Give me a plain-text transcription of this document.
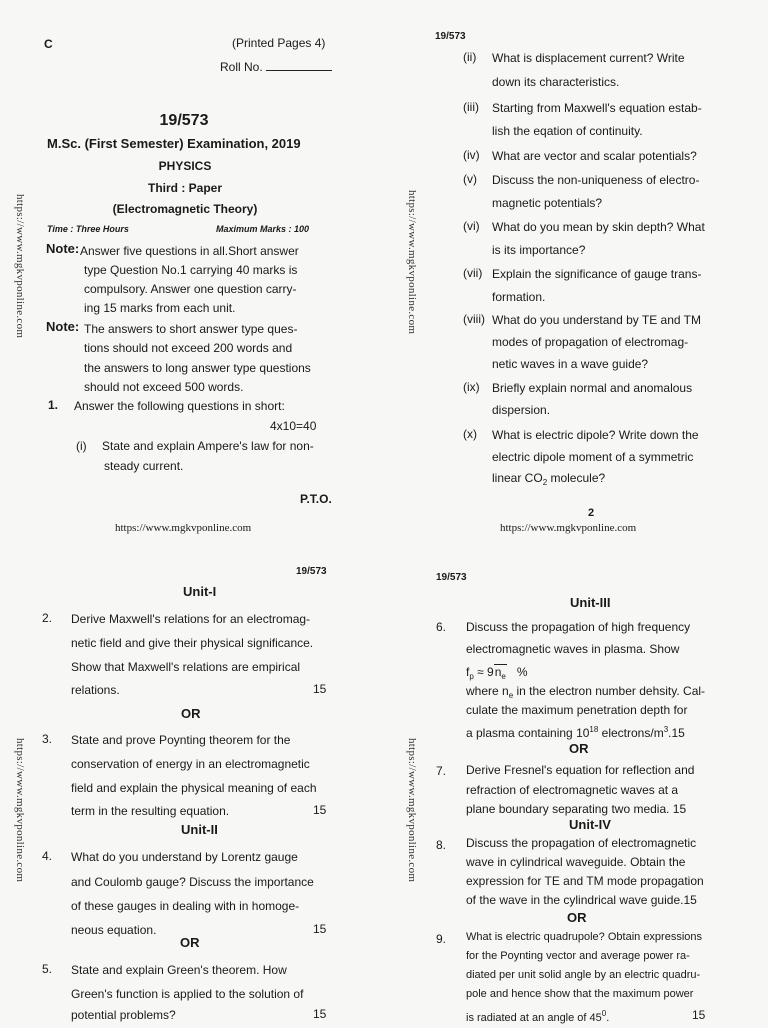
C	(Printed Pages 4)
Roll No.
19/573
M.Sc. (First Semester) Examination, 2019
PHYSICS
Third : Paper
(Electromagnetic Theory)
Time : Three Hours	Maximum Marks : 100
Note: Answer five questions in all.Short answer
type Question No.1 carrying 40 marks is
compulsory. Answer one question carry-
ing 15 marks from each unit.
Note: The answers to short answer type ques-
tions should not exceed 200 words and
the answers to long answer type questions
should not exceed 500 words.
1. Answer the following questions in short:
4x10=40
(i) State and explain Ampere's law for non-
steady current.
P.T.O.
https://www.mgkvponline.com
https://www.mgkvponline.com
19/573
(ii) What is displacement current? Write
down its characteristics.
(iii) Starting from Maxwell's equation estab-
lish the eqation of continuity.
(iv) What are vector and scalar potentials?
(v) Discuss the non-uniqueness of electro-
magnetic potentials?
(vi) What do you mean by skin depth? What
is its importance?
(vii) Explain the significance of gauge trans-
formation.
(viii) What do you understand by TE and TM
modes of propagation of electromag-
netic waves in a wave guide?
(ix) Briefly explain normal and anomalous
dispersion.
(x) What is electric dipole? Write down the
electric dipole moment of a symmetric
linear $CO_2$ molecule?
2
https://www.mgkvponline.com
https://www.mgkvponline.com
19/573
Unit-I
2. Derive Maxwell's relations for an electromag-
netic field and give their physical significance.
Show that Maxwell's relations are empirical
relations.	15
OR
3. State and prove Poynting theorem for the
conservation of energy in an electromagnetic
field and explain the physical meaning of each
term in the resulting equation.	15
Unit-II
4. What do you understand by Lorentz gauge
and Coulomb gauge? Discuss the importance
of these gauges in dealing with in homoge-
neous equation.	15
OR
5. State and explain Green's theorem. How
Green's function is applied to the solution of
potential problems?	15
https://www.mgkvponline.com
19/573
Unit-III
6. Discuss the propagation of high frequency
electromagnetic waves in plasma. Show
$f_p \approx 9n_e$ %
where $n_e$ in the electron number dehsity. Cal-
culate the maximum penetration depth for
a plasma containing $10^{18}$ electrons/$m^3.15$
OR
7. Derive Fresnel's equation for reflection and
refraction of electromagnetic waves at a
plane boundary separating two media. 15
Unit-IV
8. Discuss the propagation of electromagnetic
wave in cylindrical waveguide. Obtain the
expression for TE and TM mode propagation
of the wave in the cylindrical wave guide.15
OR
9. What is electric quadrupole? Obtain expressions
for the Poynting vector and average power ra-
diated per unit solid angle by an electric quadru-
pole and hence show that the maximum power
is radiated at an angle of $45^0$.	15
https://www.mgkvponline.com
